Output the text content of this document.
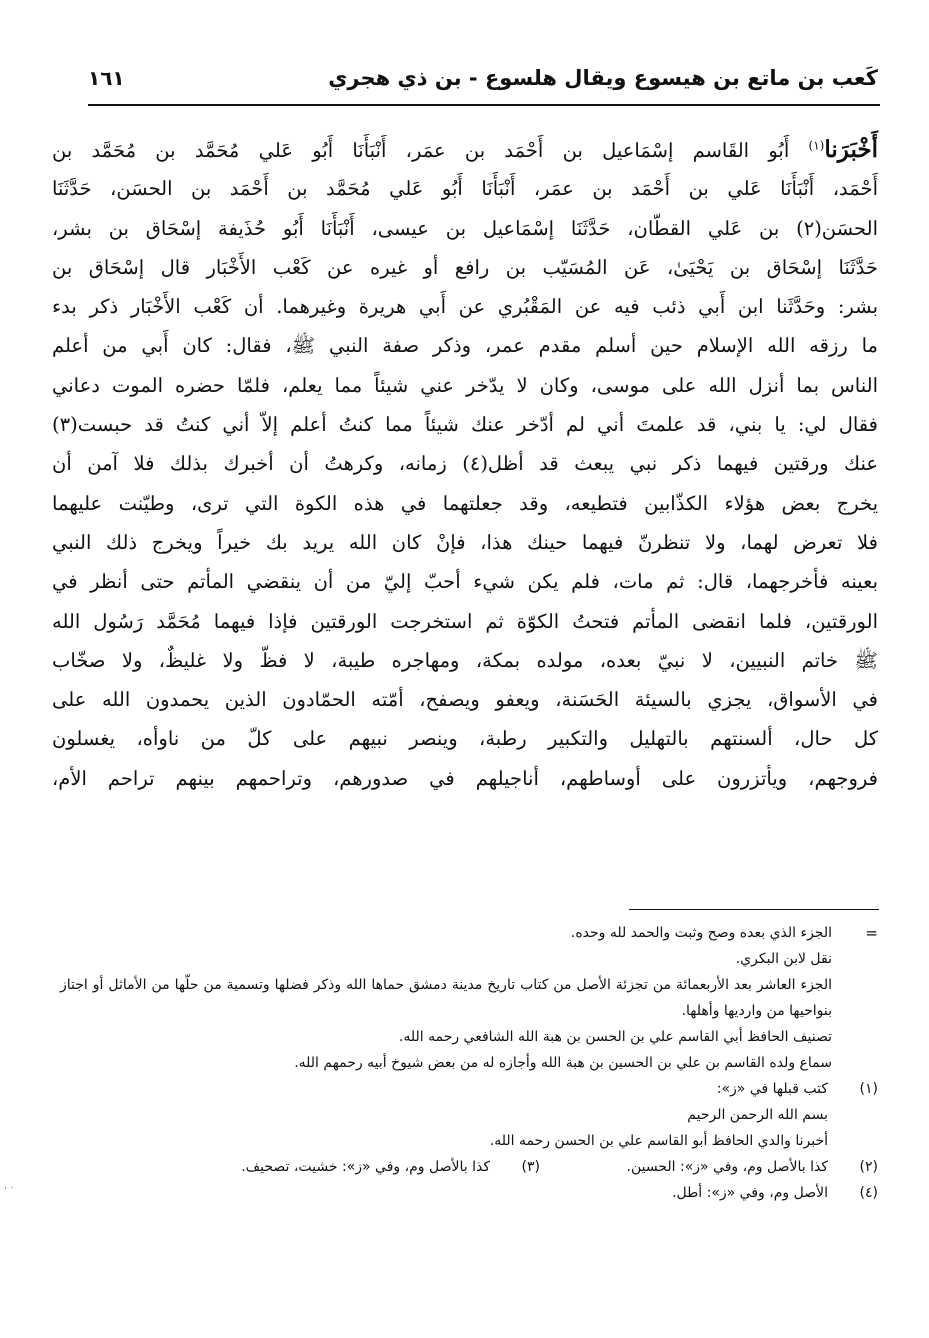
كَعب بن ماتع بن هيسوع ويقال هلسوع - بن ذي هجري
١٦١
أَخْبَرَنا$^{(١)}$ أَبُو القَاسم إسْمَاعيل بن أَحْمَد بن عمَر، أَنْبَأَنَا أَبُو عَلي مُحَمَّد بن مُحَمَّد بن
أَحْمَد، أَنْبَأَنَا عَلي بن أَحْمَد بن عمَر، أَنْبَأَنَا أَبُو عَلي مُحَمَّد بن أَحْمَد بن الحسَن، حَدَّثَنَا
الحسَن(٢) بن عَلي القطّان، حَدَّثَنَا إسْمَاعيل بن عيسى، أَنْبَأَنَا أَبُو حُذَيفة إسْحَاق بن بشر،
حَدَّثَنَا إسْحَاق بن يَحْيَىٰ، عَن المُسَيّب بن رافع أو غيره عن كَعْب الأَخْبَار قال إسْحَاق بن
بشر: وحَدَّثَنا ابن أَبي ذئب فيه عن المَقْبُري عن أَبي هريرة وغيرهما. أن كَعْب الأَخْبَار ذكر بدء
ما رزقه الله الإسلام حين أسلم مقدم عمر، وذكر صفة النبي ﷺ، فقال: كان أَبي من أعلم
الناس بما أنزل الله على موسى، وكان لا يدّخر عني شيئاً مما يعلم، فلمّا حضره الموت دعاني
فقال لي: يا بني، قد علمتَ أني لم أدّخر عنك شيئاً مما كنتُ أعلم إلاّ أني كنتُ قد حبست(٣)
عنك ورقتين فيهما ذكر نبي يبعث قد أظل(٤) زمانه، وكرهتُ أن أخبرك بذلك فلا آمن أن
يخرج بعض هؤلاء الكذّابين فتطيعه، وقد جعلتهما في هذه الكوة التي ترى، وطيّنت عليهما
فلا تعرض لهما، ولا تنظرنّ فيهما حينك هذا، فإنْ كان الله يريد بك خيراً ويخرج ذلك النبي
بعينه فأخرجهما، قال: ثم مات، فلم يكن شيء أحبّ إليّ من أن ينقضي المأتم حتى أنظر في
الورقتين، فلما انقضى المأتم فتحتُ الكوّة ثم استخرجت الورقتين فإذا فيهما مُحَمَّد رَسُول الله
ﷺ خاتم النبيين، لا نبيّ بعده، مولده بمكة، ومهاجره طيبة، لا فظّ ولا غليظٌ، ولا صخّاب
في الأسواق، يجزي بالسيئة الحَسَنة، ويعفو ويصفح، أمّته الحمّادون الذين يحمدون الله على
كل حال، ألسنتهم بالتهليل والتكبير رطبة، وينصر نبيهم على كلّ من ناوأه، يغسلون
فروجهم، ويأتزرون على أوساطهم، أناجيلهم في صدورهم، وتراحمهم بينهم تراحم الأم،
=
الجزء الذي بعده وصح وثبت والحمد لله وحده.
نقل لابن البكري.
الجزء العاشر بعد الأربعمائة من تجزئة الأصل من كتاب تاريخ مدينة دمشق حماها الله وذكر فضلها وتسمية من حلّها من الأماثل أو اجتاز بنواحيها من وارديها وأهلها.
تصنيف الحافظ أبي القاسم علي بن الحسن بن هبة الله الشافعي رحمه الله.
سماع ولده القاسم بن علي بن الحسين بن هبة الله وأجازه له من بعض شيوخ أبيه رحمهم الله.
(١)
كتب قبلها في «ز»:
بسم الله الرحمن الرحيم
أخبرنا والدي الحافظ أبو القاسم علي بن الحسن رحمه الله.
(٢)كذا بالأصل وم، وفي «ز»: الحسين.
(٣)كذا بالأصل وم، وفي «ز»: خشيت، تصحيف.
(٤)
الأصل وم، وفي «ز»: أطل.
. ,
